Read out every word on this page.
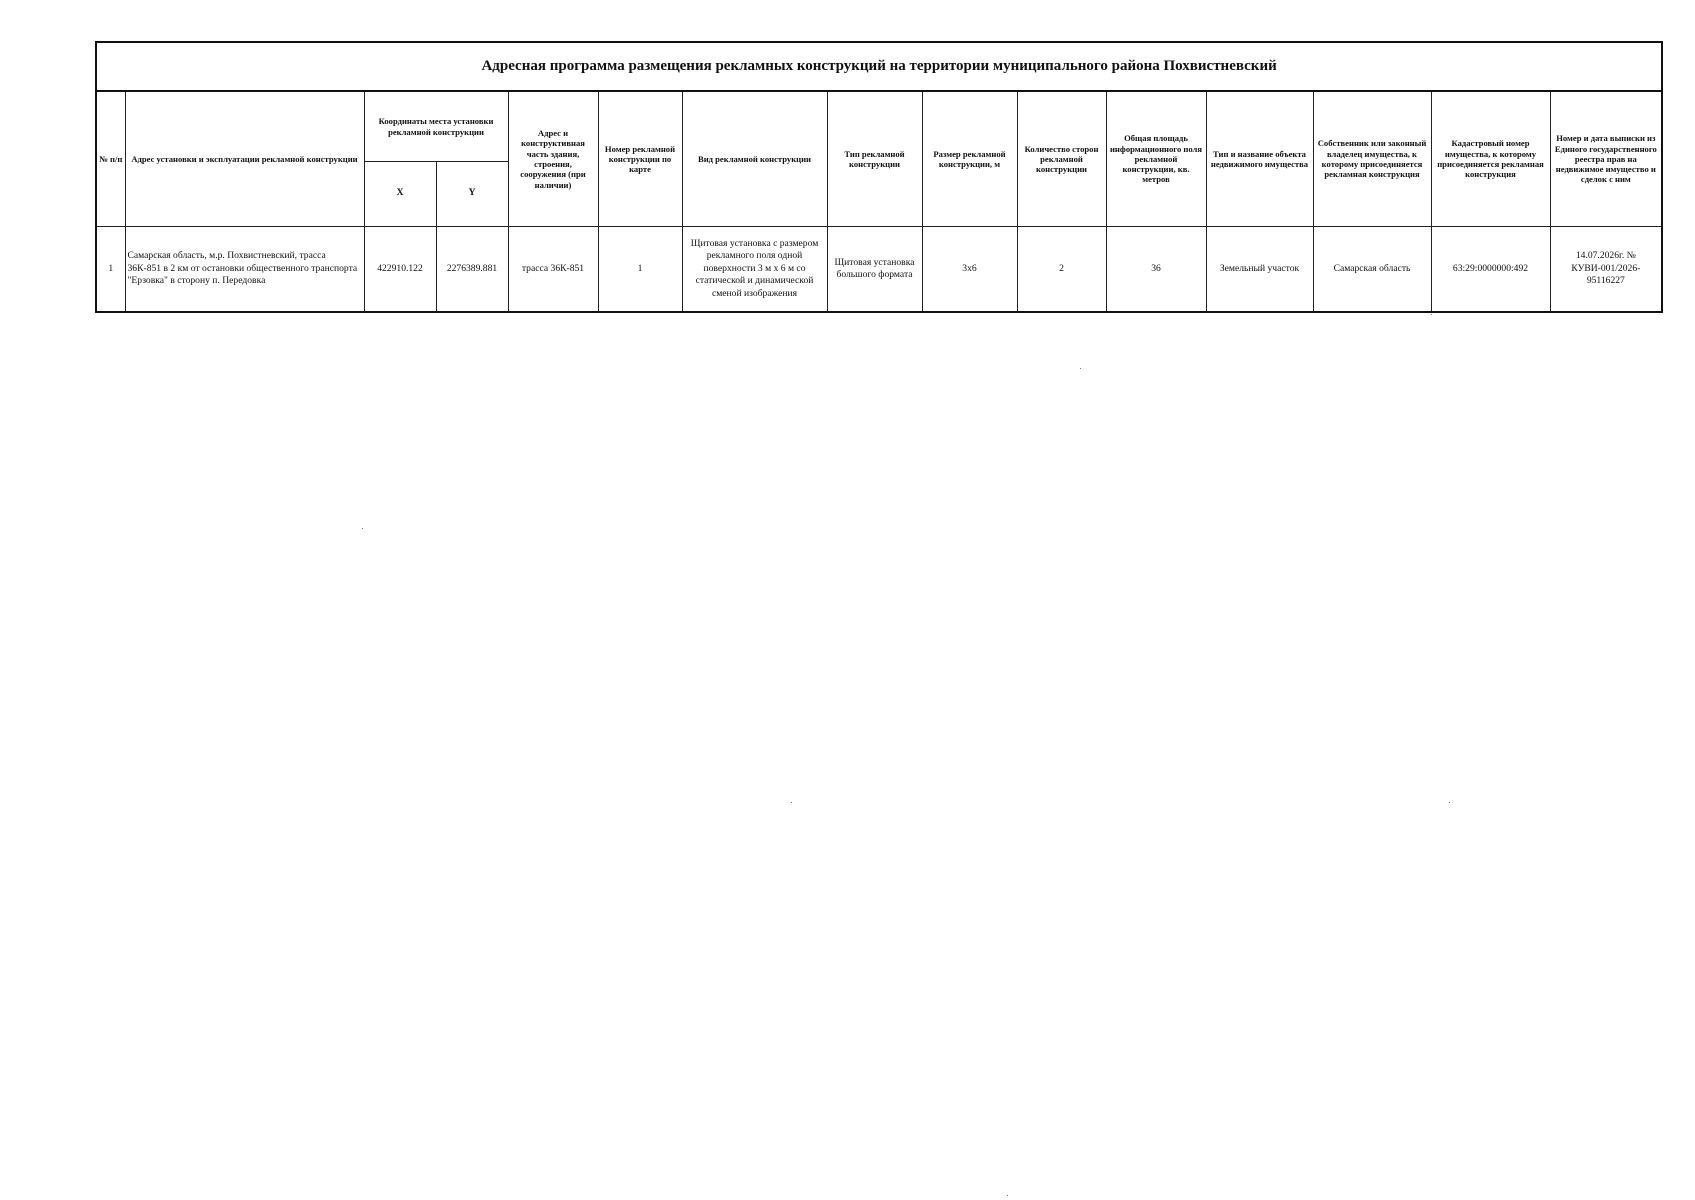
Адресная программа размещения рекламных конструкций на территории муниципального района Похвистневский														
№ п/п	Адрес установки и эксплуатации рекламной конструкции	Координаты места установки рекламной конструкции		Адрес и конструктивная часть здания, строения, сооружения (при наличии)	Номер рекламной конструкции по карте	Вид рекламной конструкции	Тип рекламной конструкции	Размер рекламной конструкции, м	Количество сторон рекламной конструкции	Общая площадь информационного поля рекламной конструкции, кв. метров	Тип и название объекта недвижимого имущества	Собственник или законный владелец имущества, к которому присоединяется рекламная конструкция	Кадастровый номер имущества, к которому присоединяется рекламная конструкция	Номер и дата выписки из Единого государственного реестра прав на недвижимое имущество и сделок с ним
		X	Y											
1	Самарская область, м.р. Похвистневский, трасса 36К-851 в 2 км от остановки общественного транспорта "Ерзовка" в сторону п. Передовка	422910.122	2276389.881	трасса 36К-851	1	Щитовая установка с размером рекламного поля одной поверхности 3 м х 6 м со статической и динамической сменой изображения	Щитовая установка большого формата	3х6	2	36	Земельный участок	Самарская область	63:29:0000000:492	14.07.2026г. № КУВИ-001/2026-95116227
